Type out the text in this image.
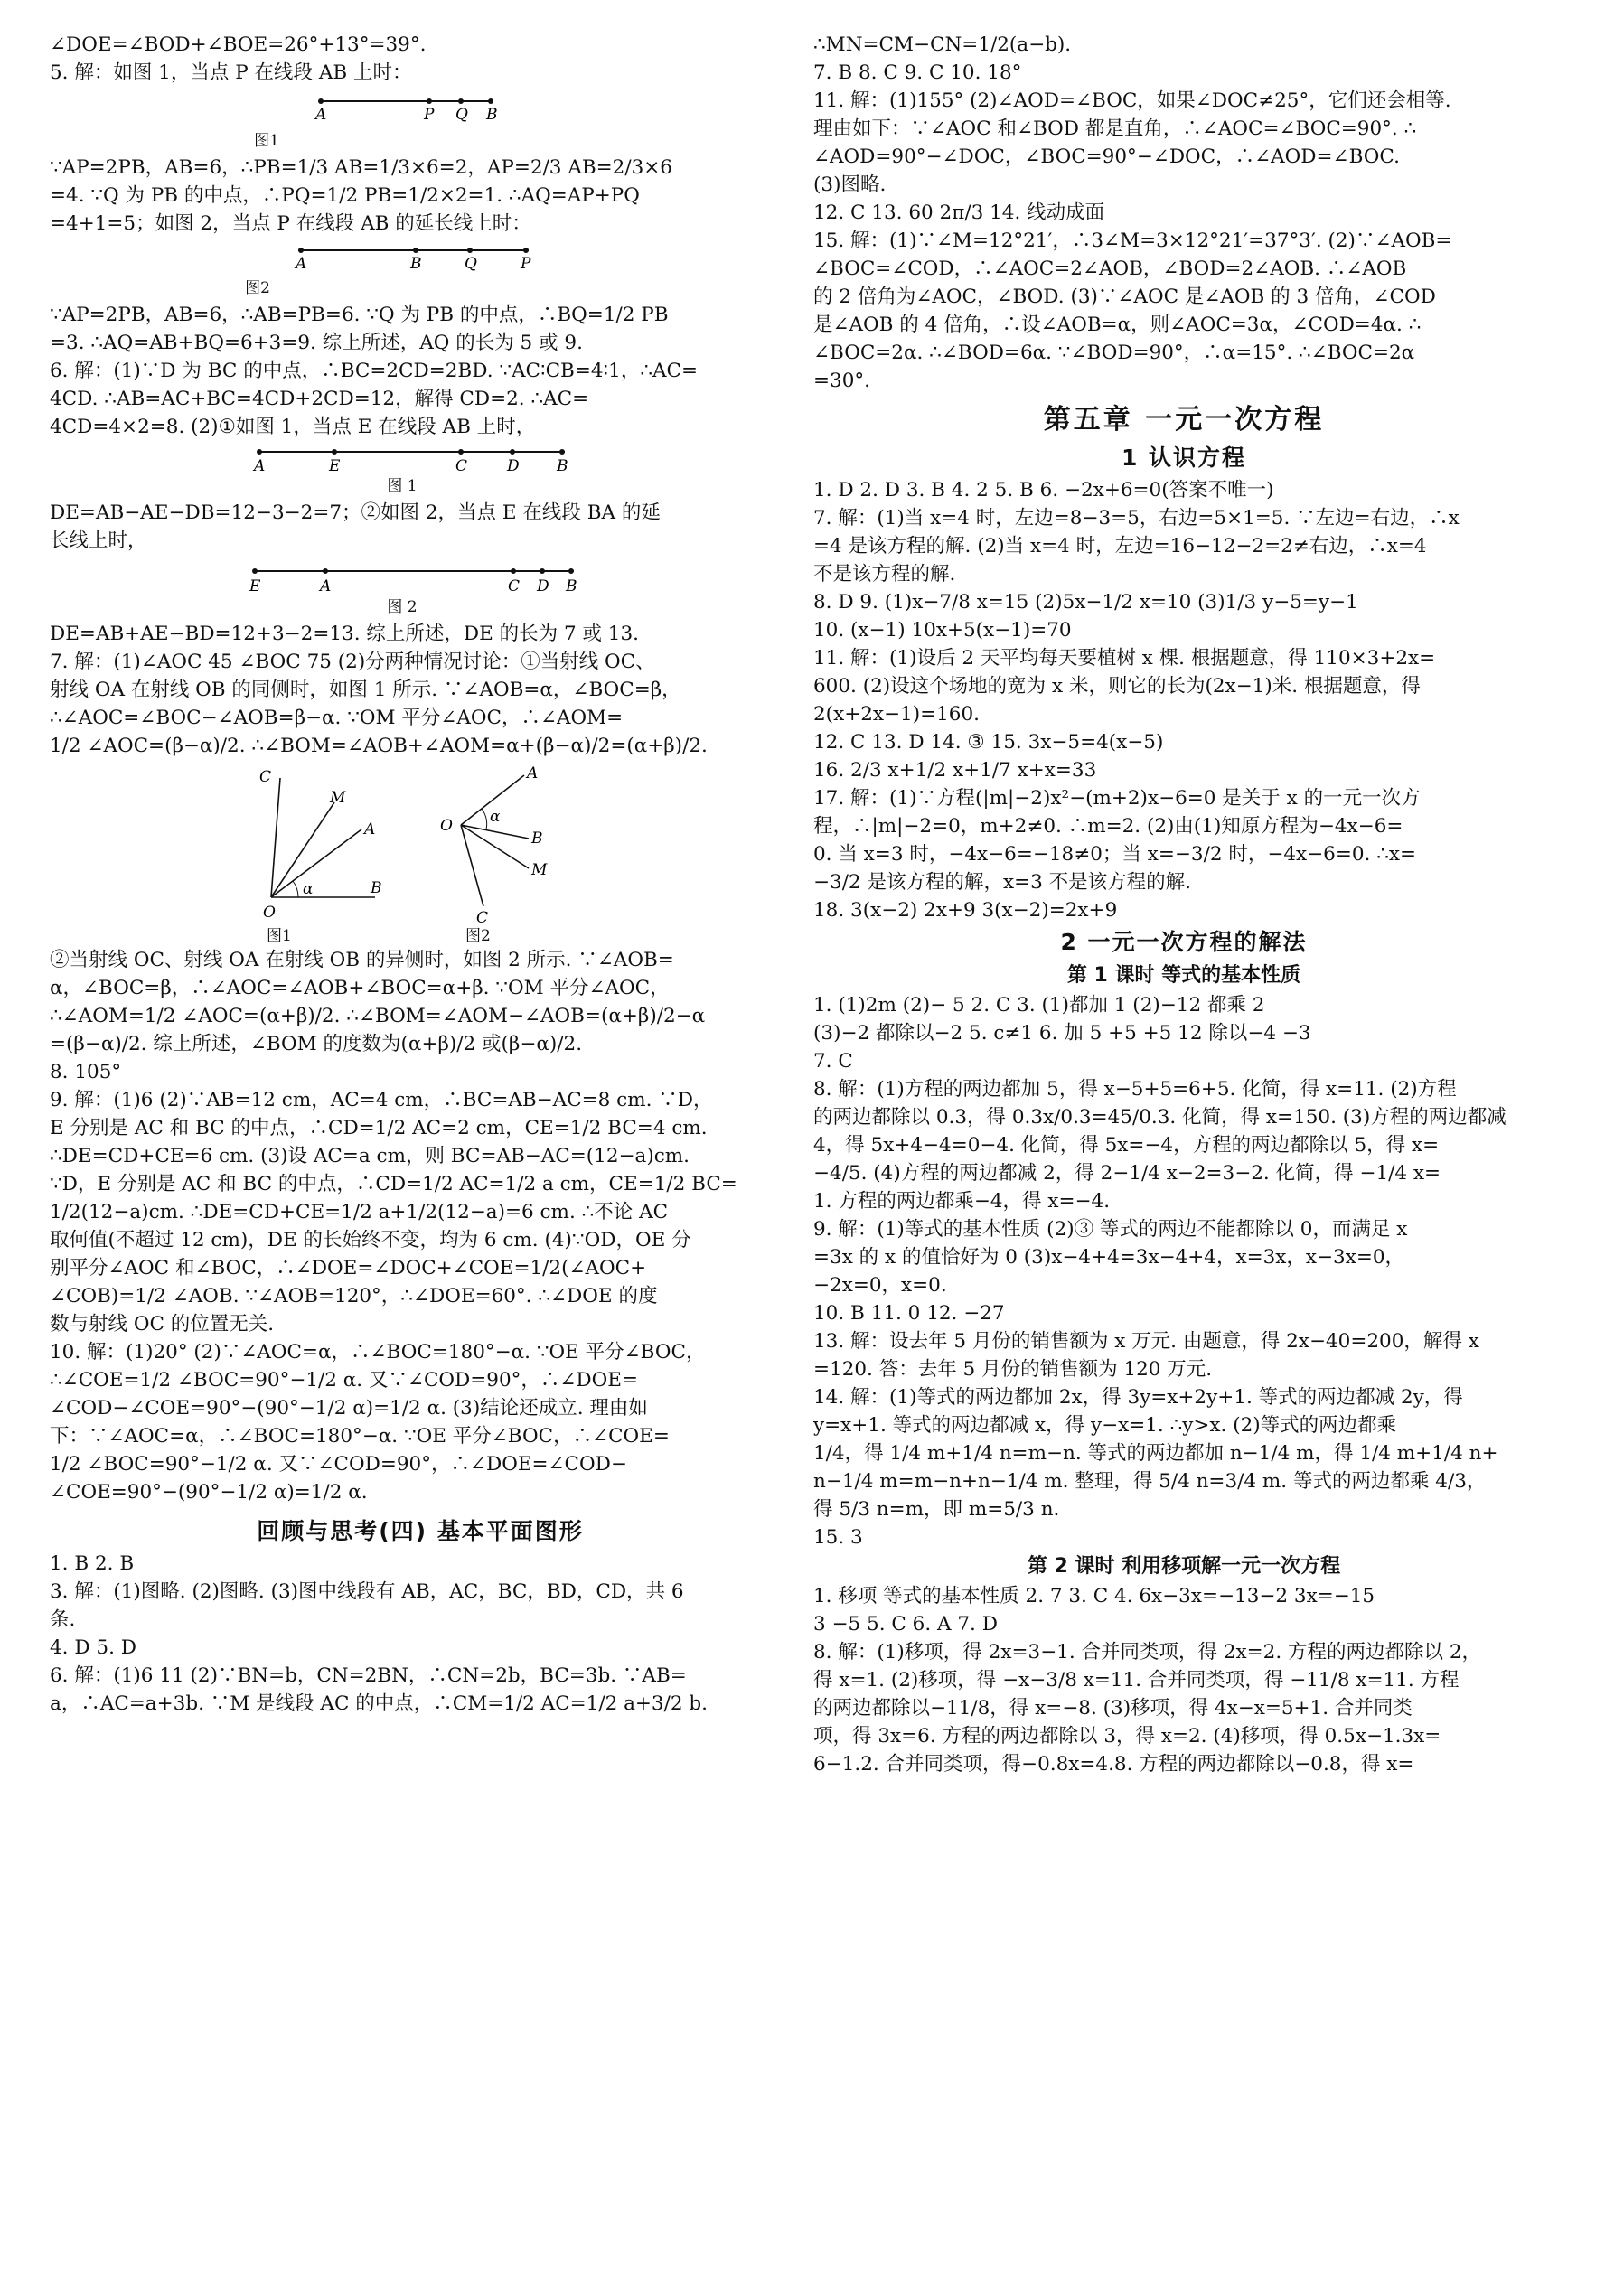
∠DOE=∠BOD+∠BOE=26°+13°=39°.
5. 解：如图 1，当点 P 在线段 AB 上时：
A	P Q B
图1
∵AP=2PB，AB=6，∴PB=1/3 AB=1/3×6=2，AP=2/3 AB=2/3×6
=4. ∵Q 为 PB 的中点，∴PQ=1/2 PB=1/2×2=1. ∴AQ=AP+PQ
=4+1=5；如图 2，当点 P 在线段 AB 的延长线上时：
A	B	Q	P
图2
∵AP=2PB，AB=6，∴AB=PB=6. ∵Q 为 PB 的中点，∴BQ=1/2 PB
=3. ∴AQ=AB+BQ=6+3=9. 综上所述，AQ 的长为 5 或 9.
6. 解：(1)∵D 为 BC 的中点，∴BC=2CD=2BD. ∵AC∶CB=4∶1，∴AC=
4CD. ∴AB=AC+BC=4CD+2CD=12，解得 CD=2. ∴AC=
4CD=4×2=8. (2)①如图 1，当点 E 在线段 AB 上时，
A	E	C	D B
图 1
DE=AB−AE−DB=12−3−2=7；②如图 2，当点 E 在线段 BA 的延
长线上时，
E	A	C D B
图 2
DE=AB+AE−BD=12+3−2=13. 综上所述，DE 的长为 7 或 13.
7. 解：(1)∠AOC 45 ∠BOC 75 (2)分两种情况讨论：①当射线 OC、
射线 OA 在射线 OB 的同侧时，如图 1 所示. ∵∠AOB=α，∠BOC=β，
∴∠AOC=∠BOC−∠AOB=β−α. ∵OM 平分∠AOC，∴∠AOM=
1/2 ∠AOC=(β−α)/2. ∴∠BOM=∠AOB+∠AOM=α+(β−α)/2=(α+β)/2.
O
C
M
A
B
α
O
A
B
M
C
α
图1	图2
②当射线 OC、射线 OA 在射线 OB 的异侧时，如图 2 所示. ∵∠AOB=
α，∠BOC=β，∴∠AOC=∠AOB+∠BOC=α+β. ∵OM 平分∠AOC，
∴∠AOM=1/2 ∠AOC=(α+β)/2. ∴∠BOM=∠AOM−∠AOB=(α+β)/2−α
=(β−α)/2. 综上所述，∠BOM 的度数为(α+β)/2 或(β−α)/2.
8. 105°
9. 解：(1)6 (2)∵AB=12 cm，AC=4 cm，∴BC=AB−AC=8 cm. ∵D，
E 分别是 AC 和 BC 的中点，∴CD=1/2 AC=2 cm，CE=1/2 BC=4 cm.
∴DE=CD+CE=6 cm. (3)设 AC=a cm，则 BC=AB−AC=(12−a)cm.
∵D，E 分别是 AC 和 BC 的中点，∴CD=1/2 AC=1/2 a cm，CE=1/2 BC=
1/2(12−a)cm. ∴DE=CD+CE=1/2 a+1/2(12−a)=6 cm. ∴不论 AC
取何值(不超过 12 cm)，DE 的长始终不变，均为 6 cm. (4)∵OD，OE 分
别平分∠AOC 和∠BOC，∴∠DOE=∠DOC+∠COE=1/2(∠AOC+
∠COB)=1/2 ∠AOB. ∵∠AOB=120°，∴∠DOE=60°. ∴∠DOE 的度
数与射线 OC 的位置无关.
10. 解：(1)20° (2)∵∠AOC=α，∴∠BOC=180°−α. ∵OE 平分∠BOC，
∴∠COE=1/2 ∠BOC=90°−1/2 α. 又∵∠COD=90°，∴∠DOE=
∠COD−∠COE=90°−(90°−1/2 α)=1/2 α. (3)结论还成立. 理由如
下：∵∠AOC=α，∴∠BOC=180°−α. ∵OE 平分∠BOC，∴∠COE=
1/2 ∠BOC=90°−1/2 α. 又∵∠COD=90°，∴∠DOE=∠COD−
∠COE=90°−(90°−1/2 α)=1/2 α.
回顾与思考(四) 基本平面图形
1. B 2. B
3. 解：(1)图略. (2)图略. (3)图中线段有 AB，AC，BC，BD，CD，共 6
条.
4. D 5. D
6. 解：(1)6 11 (2)∵BN=b，CN=2BN，∴CN=2b，BC=3b. ∵AB=
a，∴AC=a+3b. ∵M 是线段 AC 的中点，∴CM=1/2 AC=1/2 a+3/2 b.
∴MN=CM−CN=1/2(a−b).
7. B 8. C 9. C 10. 18°
11. 解：(1)155° (2)∠AOD=∠BOC，如果∠DOC≠25°，它们还会相等.
理由如下：∵∠AOC 和∠BOD 都是直角，∴∠AOC=∠BOC=90°. ∴
∠AOD=90°−∠DOC，∠BOC=90°−∠DOC，∴∠AOD=∠BOC.
(3)图略.
12. C 13. 60 2π/3 14. 线动成面
15. 解：(1)∵∠M=12°21′，∴3∠M=3×12°21′=37°3′. (2)∵∠AOB=
∠BOC=∠COD，∴∠AOC=2∠AOB，∠BOD=2∠AOB. ∴∠AOB
的 2 倍角为∠AOC，∠BOD. (3)∵∠AOC 是∠AOB 的 3 倍角，∠COD
是∠AOB 的 4 倍角，∴设∠AOB=α，则∠AOC=3α，∠COD=4α. ∴
∠BOC=2α. ∴∠BOD=6α. ∵∠BOD=90°，∴α=15°. ∴∠BOC=2α
=30°.
第五章 一元一次方程
1 认识方程
1. D 2. D 3. B 4. 2 5. B 6. −2x+6=0(答案不唯一)
7. 解：(1)当 x=4 时，左边=8−3=5，右边=5×1=5. ∵左边=右边，∴x
=4 是该方程的解. (2)当 x=4 时，左边=16−12−2=2≠右边，∴x=4
不是该方程的解.
8. D 9. (1)x−7/8 x=15 (2)5x−1/2 x=10 (3)1/3 y−5=y−1
10. (x−1) 10x+5(x−1)=70
11. 解：(1)设后 2 天平均每天要植树 x 棵. 根据题意，得 110×3+2x=
600. (2)设这个场地的宽为 x 米，则它的长为(2x−1)米. 根据题意，得
2(x+2x−1)=160.
12. C 13. D 14. ③ 15. 3x−5=4(x−5)
16. 2/3 x+1/2 x+1/7 x+x=33
17. 解：(1)∵方程(|m|−2)x²−(m+2)x−6=0 是关于 x 的一元一次方
程，∴|m|−2=0，m+2≠0. ∴m=2. (2)由(1)知原方程为−4x−6=
0. 当 x=3 时，−4x−6=−18≠0；当 x=−3/2 时，−4x−6=0. ∴x=
−3/2 是该方程的解，x=3 不是该方程的解.
18. 3(x−2) 2x+9 3(x−2)=2x+9
2 一元一次方程的解法
第 1 课时 等式的基本性质
1. (1)2m (2)− 5 2. C 3. (1)都加 1 (2)−12 都乘 2
(3)−2 都除以−2 5. c≠1 6. 加 5 +5 +5 12 除以−4 −3
7. C
8. 解：(1)方程的两边都加 5，得 x−5+5=6+5. 化简，得 x=11. (2)方程
的两边都除以 0.3，得 0.3x/0.3=45/0.3. 化简，得 x=150. (3)方程的两边都减
4，得 5x+4−4=0−4. 化简，得 5x=−4，方程的两边都除以 5，得 x=
−4/5. (4)方程的两边都减 2，得 2−1/4 x−2=3−2. 化简，得 −1/4 x=
1. 方程的两边都乘−4，得 x=−4.
9. 解：(1)等式的基本性质 (2)③ 等式的两边不能都除以 0，而满足 x
=3x 的 x 的值恰好为 0 (3)x−4+4=3x−4+4，x=3x，x−3x=0，
−2x=0，x=0.
10. B 11. 0 12. −27
13. 解：设去年 5 月份的销售额为 x 万元. 由题意，得 2x−40=200，解得 x
=120. 答：去年 5 月份的销售额为 120 万元.
14. 解：(1)等式的两边都加 2x，得 3y=x+2y+1. 等式的两边都减 2y，得
y=x+1. 等式的两边都减 x，得 y−x=1. ∴y>x. (2)等式的两边都乘
1/4，得 1/4 m+1/4 n=m−n. 等式的两边都加 n−1/4 m，得 1/4 m+1/4 n+
n−1/4 m=m−n+n−1/4 m. 整理，得 5/4 n=3/4 m. 等式的两边都乘 4/3，
得 5/3 n=m，即 m=5/3 n.
15. 3
第 2 课时 利用移项解一元一次方程
1. 移项 等式的基本性质 2. 7 3. C 4. 6x−3x=−13−2 3x=−15
3 −5 5. C 6. A 7. D
8. 解：(1)移项，得 2x=3−1. 合并同类项，得 2x=2. 方程的两边都除以 2，
得 x=1. (2)移项，得 −x−3/8 x=11. 合并同类项，得 −11/8 x=11. 方程
的两边都除以−11/8，得 x=−8. (3)移项，得 4x−x=5+1. 合并同类
项，得 3x=6. 方程的两边都除以 3，得 x=2. (4)移项，得 0.5x−1.3x=
6−1.2. 合并同类项，得−0.8x=4.8. 方程的两边都除以−0.8，得 x=
